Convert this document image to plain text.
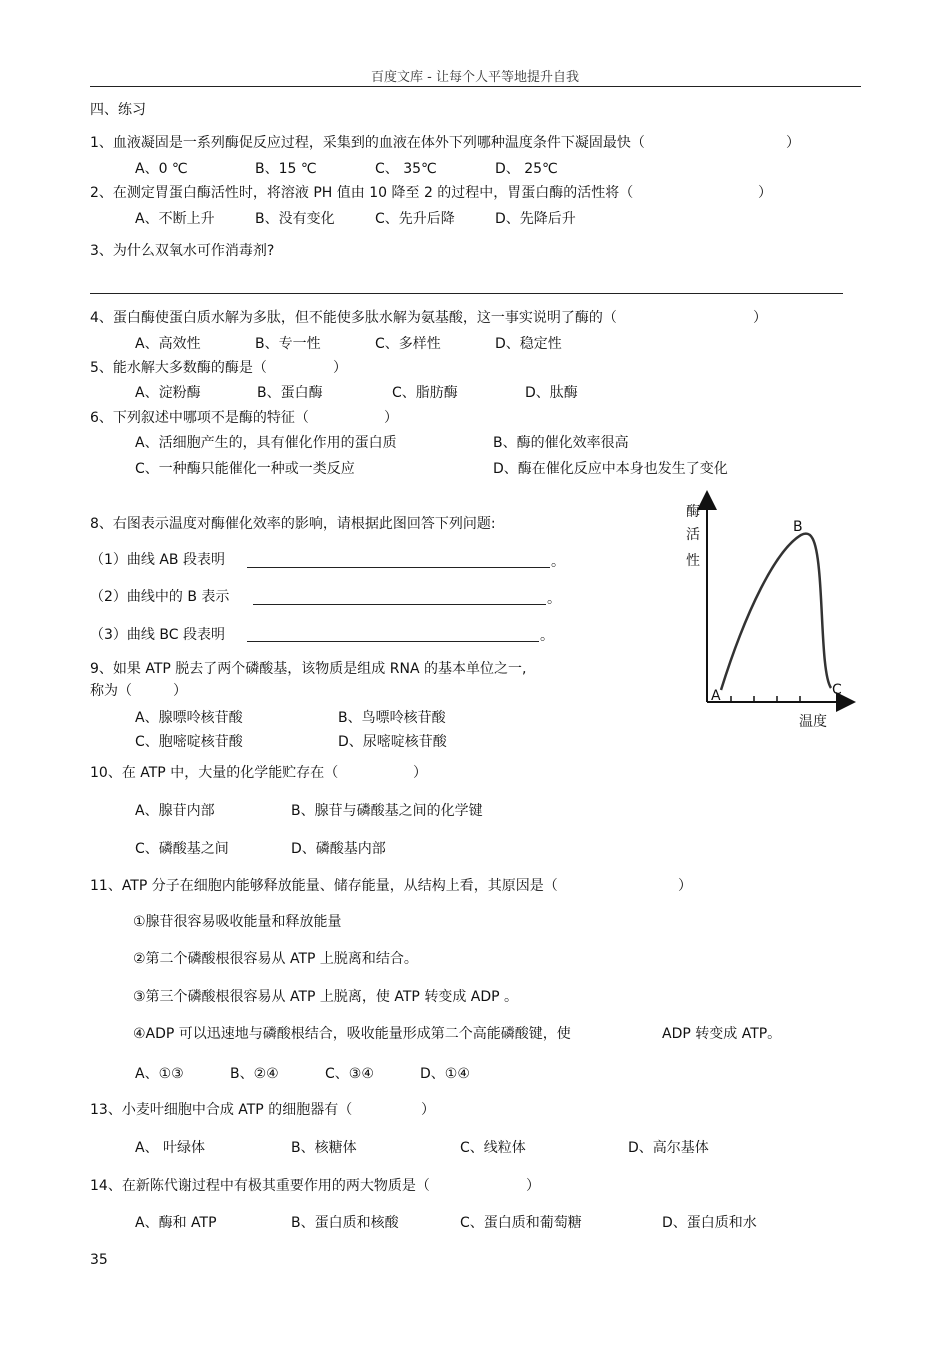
百度文库 - 让每个人平等地提升自我
四、练习
1、血液凝固是一系列酶促反应过程，采集到的血液在体外下列哪种温度条件下凝固最快（	）
A、0 ℃	B、15 ℃	C、 35℃	D、 25℃
2、在测定胃蛋白酶活性时，将溶液 PH 值由 10 降至 2 的过程中，胃蛋白酶的活性将（	）
A、不断上升	B、没有变化	C、先升后降	D、先降后升
3、为什么双氧水可作消毒剂?
4、蛋白酶使蛋白质水解为多肽，但不能使多肽水解为氨基酸，这一事实说明了酶的（	）
A、高效性	B、专一性	C、多样性	D、稳定性
5、能水解大多数酶的酶是（	）
A、淀粉酶	B、蛋白酶	C、脂肪酶	D、肽酶
6、下列叙述中哪项不是酶的特征（	）
A、活细胞产生的，具有催化作用的蛋白质	B、酶的催化效率很高
C、一种酶只能催化一种或一类反应	D、酶在催化反应中本身也发生了变化
8、右图表示温度对酶催化效率的影响，请根据此图回答下列问题:
（1）曲线 AB 段表明	。
（2）曲线中的 B 表示	。
（3）曲线 BC 段表明	。
酶
活
性
B
A	C
温度
9、如果 ATP 脱去了两个磷酸基，该物质是组成 RNA 的基本单位之一,
称为（	）
A、腺嘌呤核苷酸	B、鸟嘌呤核苷酸
C、胞嘧啶核苷酸	D、尿嘧啶核苷酸
10、在 ATP 中，大量的化学能贮存在（	）
A、腺苷内部	B、腺苷与磷酸基之间的化学键
C、磷酸基之间	D、磷酸基内部
11、ATP 分子在细胞内能够释放能量、储存能量，从结构上看，其原因是（	）
①腺苷很容易吸收能量和释放能量
②第二个磷酸根很容易从 ATP 上脱离和结合。
③第三个磷酸根很容易从 ATP 上脱离，使 ATP 转变成 ADP 。
④ADP 可以迅速地与磷酸根结合，吸收能量形成第二个高能磷酸键，使	ADP 转变成 ATP。
A、①③	B、②④	C、③④	D、①④
13、小麦叶细胞中合成 ATP 的细胞器有（	）
A、 叶绿体	B、核糖体	C、线粒体	D、高尔基体
14、在新陈代谢过程中有极其重要作用的两大物质是（	）
A、酶和 ATP	B、蛋白质和核酸	C、蛋白质和葡萄糖	D、蛋白质和水
35
